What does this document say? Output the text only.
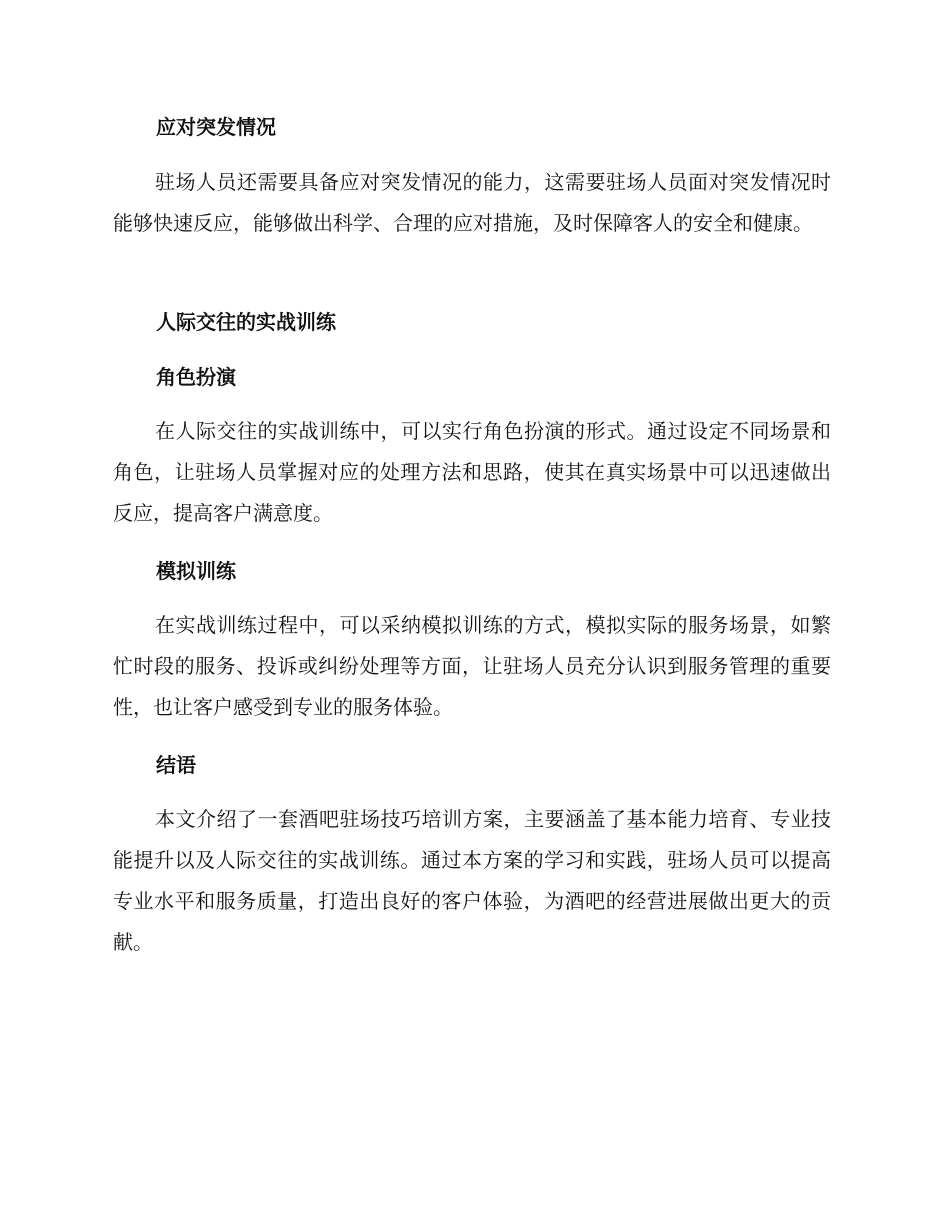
应对突发情况

驻场人员还需要具备应对突发情况的能力，这需要驻场人员面对突发情况时能够快速反应，能够做出科学、合理的应对措施，及时保障客人的安全和健康。

人际交往的实战训练
角色扮演

在人际交往的实战训练中，可以实行角色扮演的形式。通过设定不同场景和角色，让驻场人员掌握对应的处理方法和思路，使其在真实场景中可以迅速做出反应，提高客户满意度。

模拟训练

在实战训练过程中，可以采纳模拟训练的方式，模拟实际的服务场景，如繁忙时段的服务、投诉或纠纷处理等方面，让驻场人员充分认识到服务管理的重要性，也让客户感受到专业的服务体验。

结语

本文介绍了一套酒吧驻场技巧培训方案，主要涵盖了基本能力培育、专业技能提升以及人际交往的实战训练。通过本方案的学习和实践，驻场人员可以提高专业水平和服务质量，打造出良好的客户体验，为酒吧的经营进展做出更大的贡献。
